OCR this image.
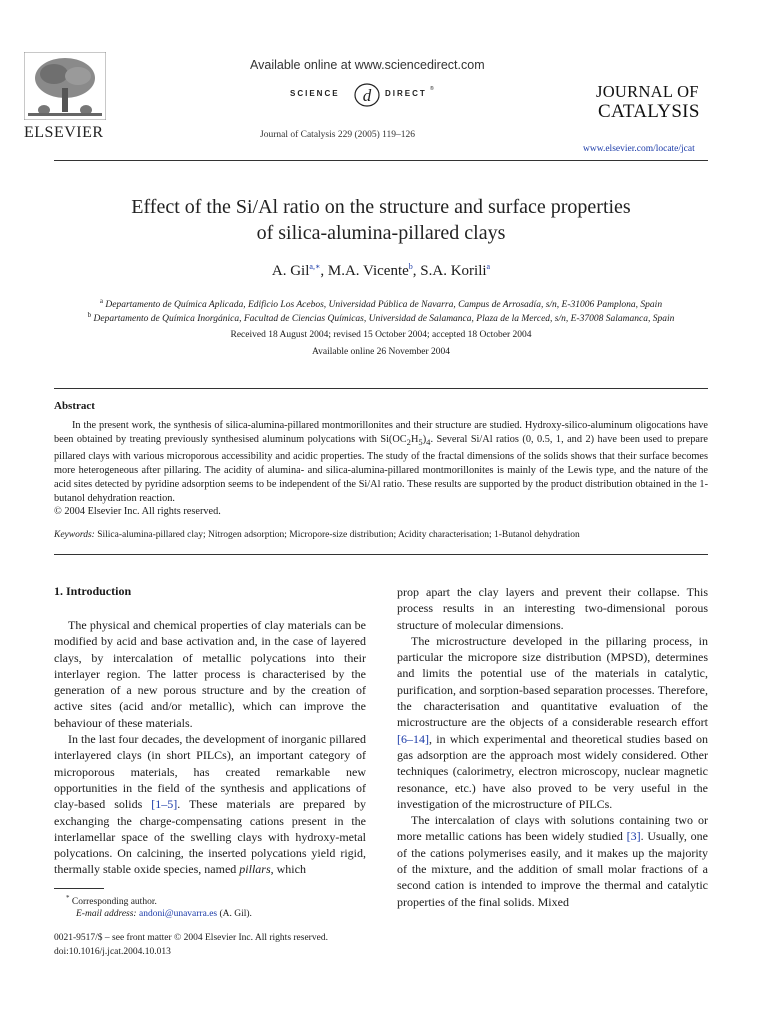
ELSEVIER
Available online at www.sciencedirect.com
SCIENCE d DIRECT ®
Journal of Catalysis 229 (2005) 119–126
JOURNAL OF
CATALYSIS
www.elsevier.com/locate/jcat
Effect of the Si/Al ratio on the structure and surface properties
of silica-alumina-pillared clays
A. Gil$^{a,∗}$, M.A. Vicente$^b$, S.A. Korili$^a$
$^a$ Departamento de Química Aplicada, Edificio Los Acebos, Universidad Pública de Navarra, Campus de Arrosadía, s/n, E-31006 Pamplona, Spain
$^b$ Departamento de Química Inorgánica, Facultad de Ciencias Químicas, Universidad de Salamanca, Plaza de la Merced, s/n, E-37008 Salamanca, Spain
Received 18 August 2004; revised 15 October 2004; accepted 18 October 2004
Available online 26 November 2004
Abstract
In the present work, the synthesis of silica-alumina-pillared montmorillonites and their structure are studied. Hydroxy-silico-aluminum oligocations have been obtained by treating previously synthesised aluminum polycations with $Si(OC_2H_5)_4$. Several Si/Al ratios (0, 0.5, 1, and 2) have been used to prepare pillared clays with various microporous accessibility and acidic properties. The study of the fractal dimensions of the solids shows that their surface becomes more heterogeneous after pillaring. The acidity of alumina- and silica-alumina-pillared montmorillonites is mainly of the Lewis type, and the nature of the acid sites detected by pyridine adsorption seems to be independent of the Si/Al ratio. These results are supported by the product distribution obtained in the 1-butanol dehydration reaction.
© 2004 Elsevier Inc. All rights reserved.
Keywords: Silica-alumina-pillared clay; Nitrogen adsorption; Micropore-size distribution; Acidity characterisation; 1-Butanol dehydration
1. Introduction

The physical and chemical properties of clay materials can be modified by acid and base activation and, in the case of layered clays, by intercalation of metallic polycations into their interlayer region. The latter process is characterised by the generation of a new porous structure and by the creation of active sites (acid and/or metallic), which can improve the behaviour of these materials.

In the last four decades, the development of inorganic pillared interlayered clays (in short PILCs), an important category of microporous materials, has created remarkable new opportunities in the field of the synthesis and applications of clay-based solids [1–5]. These materials are prepared by exchanging the charge-compensating cations present in the interlamellar space of the swelling clays with hydroxy-metal polycations. On calcining, the inserted polycations yield rigid, thermally stable oxide species, named pillars, which

prop apart the clay layers and prevent their collapse. This process results in an interesting two-dimensional porous structure of molecular dimensions.

The microstructure developed in the pillaring process, in particular the micropore size distribution (MPSD), determines and limits the potential use of the materials in catalytic, purification, and sorption-based separation processes. Therefore, the characterisation and quantitative evaluation of the microstructure are the objects of a considerable research effort [6–14], in which experimental and theoretical studies based on gas adsorption are the approach most widely considered. Other techniques (calorimetry, electron microscopy, nuclear magnetic resonance, etc.) have also proved to be very useful in the investigation of the microstructure of PILCs.

The intercalation of clays with solutions containing two or more metallic cations has been widely studied [3]. Usually, one of the cations polymerises easily, and it makes up the majority of the mixture, and the addition of small molar fractions of a second cation is intended to improve the thermal and catalytic properties of the final solids. Mixed

* Corresponding author.
E-mail address: andoni@unavarra.es (A. Gil).
0021-9517/$ – see front matter © 2004 Elsevier Inc. All rights reserved.
doi:10.1016/j.jcat.2004.10.013
